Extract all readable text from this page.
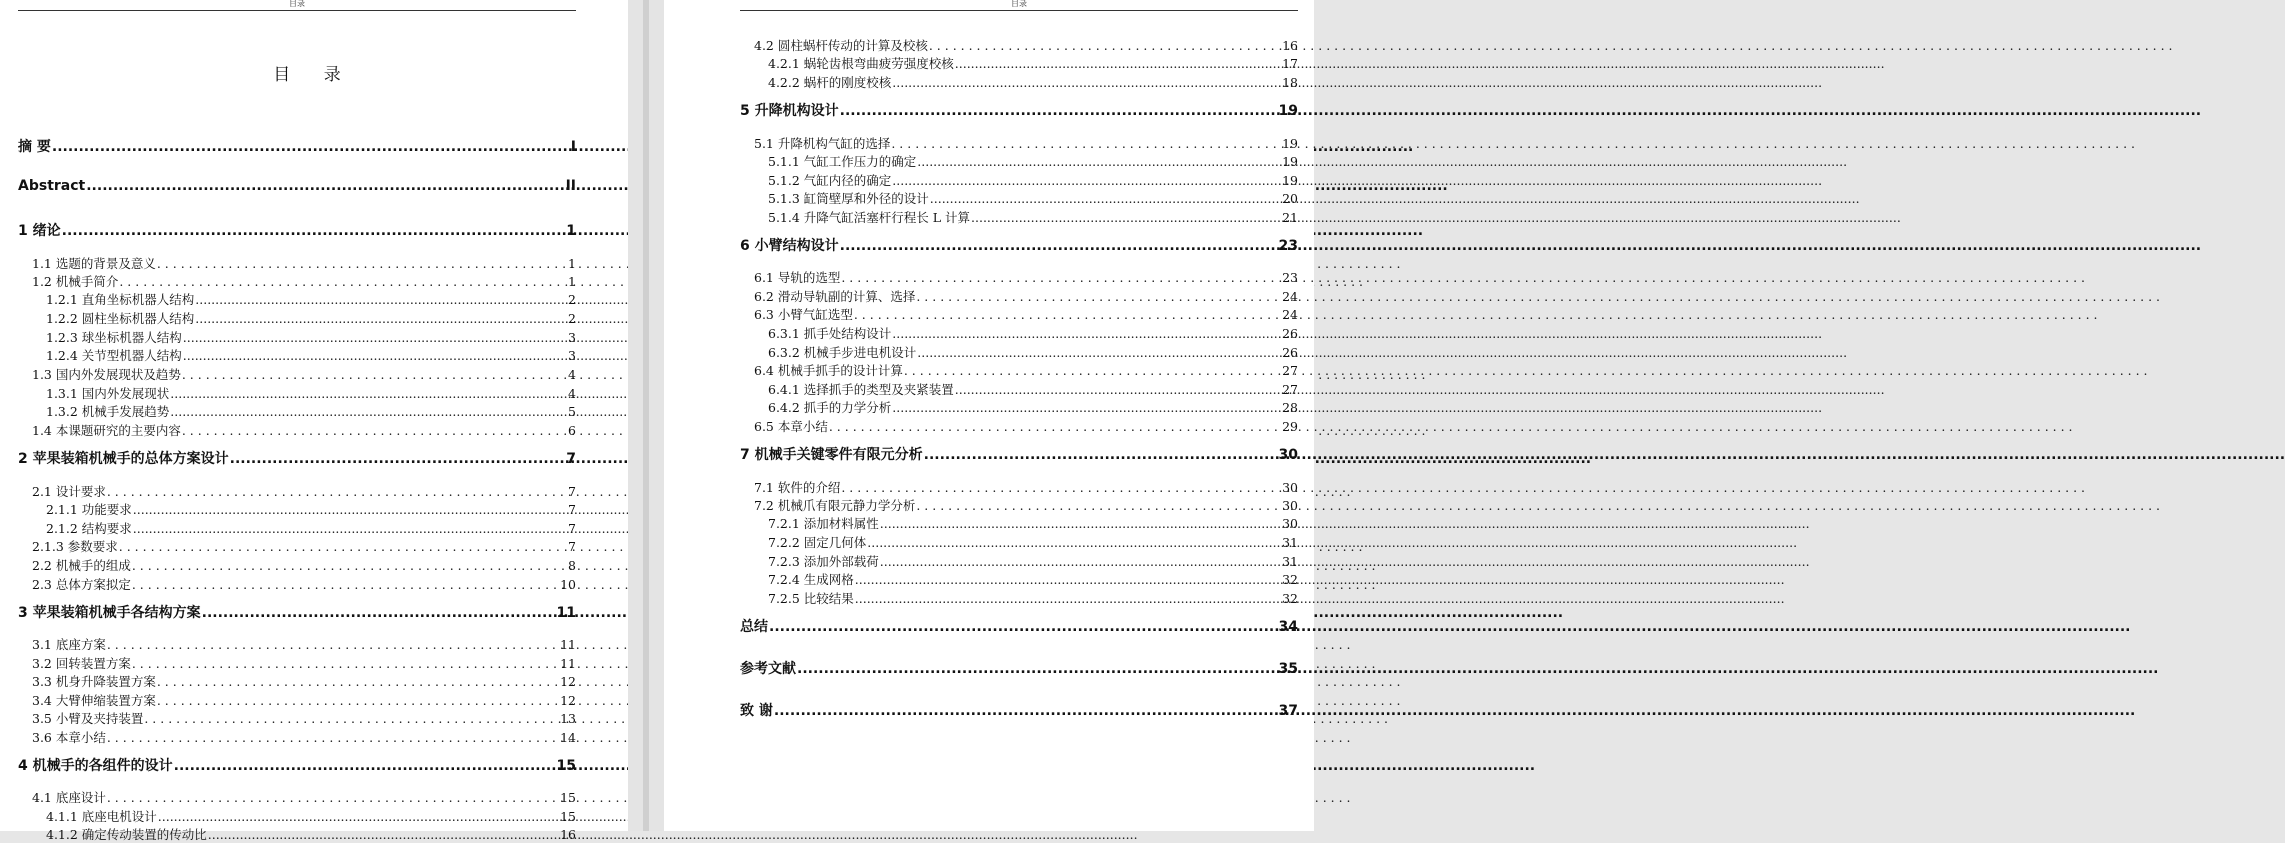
目录
目 录
摘 要 .....	I
Abstract .....	II
1 绪论 .....	1
1.1 选题的背景及意义 . . .	1
1.2 机械手简介 . . .	1
1.2.1 直角坐标机器人结构 .....	2
1.2.2 圆柱坐标机器人结构 .....	2
1.2.3 球坐标机器人结构 .....	3
1.2.4 关节型机器人结构 .....	3
1.3 国内外发展现状及趋势 . . .	4
1.3.1 国内外发展现状 .....	4
1.3.2 机械手发展趋势 .....	5
1.4 本课题研究的主要内容 . . .	6
2 苹果装箱机械手的总体方案设计 .....	7
2.1 设计要求 . . .	7
2.1.1 功能要求 .....	7
2.1.2 结构要求 .....	7
2.1.3 参数要求 . . .	7
2.2 机械手的组成 . . .	8
2.3 总体方案拟定 . . .	10
3 苹果装箱机械手各结构方案 .....	11
3.1 底座方案 . . .	11
3.2 回转装置方案 . . .	11
3.3 机身升降装置方案 . . .	12
3.4 大臂伸缩装置方案 . . .	12
3.5 小臂及夹持装置 . . .	13
3.6 本章小结 . . .	14
4 机械手的各组件的设计 .....	15
4.1 底座设计 . . .	15
4.1.1 底座电机设计 .....	15
4.1.2 确定传动装置的传动比 .....	16
目录
4.2 圆柱蜗杆传动的计算及校核 . . .	16
4.2.1 蜗轮齿根弯曲疲劳强度校核 .....	17
4.2.2 蜗杆的刚度校核 .....	18
5 升降机构设计 .....	19
5.1 升降机构气缸的选择 . . .	19
5.1.1 气缸工作压力的确定 .....	19
5.1.2 气缸内径的确定 .....	19
5.1.3 缸筒壁厚和外径的设计 .....	20
5.1.4 升降气缸活塞杆行程长 L 计算 .....	21
6 小臂结构设计 .....	23
6.1 导轨的选型 . . .	23
6.2 滑动导轨副的计算、选择 . . .	24
6.3 小臂气缸选型 . . .	24
6.3.1 抓手处结构设计 .....	26
6.3.2 机械手步进电机设计 .....	26
6.4 机械手抓手的设计计算 . . .	27
6.4.1 选择抓手的类型及夹紧装置 .....	27
6.4.2 抓手的力学分析 .....	28
6.5 本章小结 . . .	29
7 机械手关键零件有限元分析 .....	30
7.1 软件的介绍 . . .	30
7.2 机械爪有限元静力学分析 . . .	30
7.2.1 添加材料属性 .....	30
7.2.2 固定几何体 .....	31
7.2.3 添加外部载荷 .....	31
7.2.4 生成网格 .....	32
7.2.5 比较结果 .....	32
总结 .....	34
参考文献 .....	35
致 谢 .....	37
